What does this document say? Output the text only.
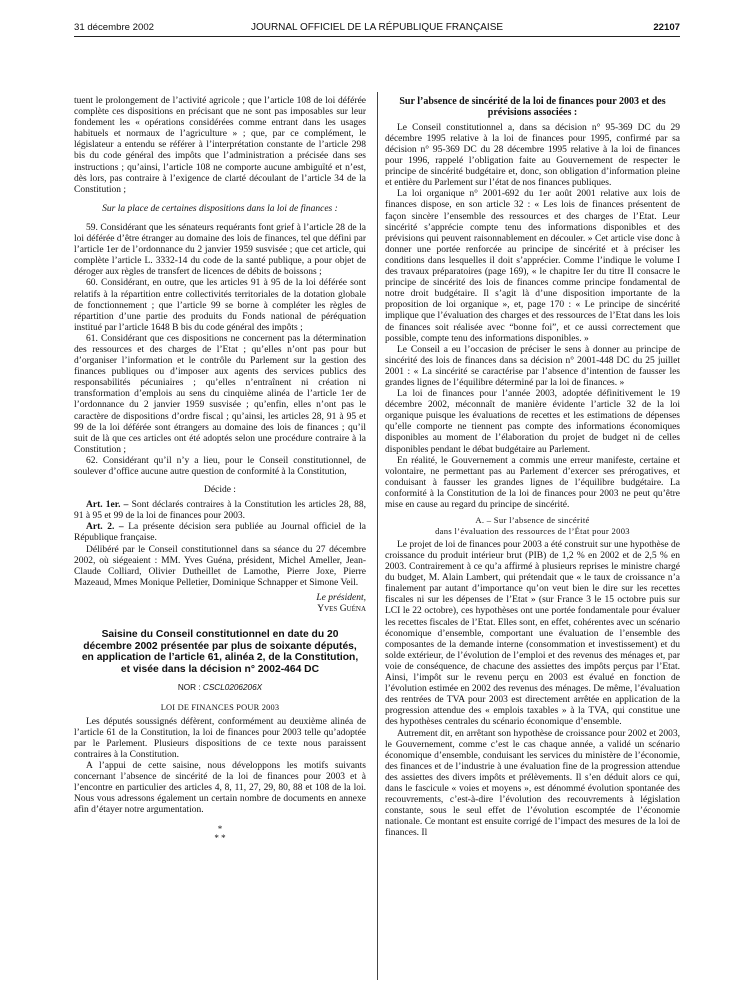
31 décembre 2002	JOURNAL OFFICIEL DE LA RÉPUBLIQUE FRANÇAISE	22107

tuent le prolongement de l’activité agricole ; que l’article 108 de loi déférée complète ces dispositions en précisant que ne sont pas imposables sur leur fondement les « opérations considérées comme entrant dans les usages habituels et normaux de l’agriculture » ; que, par ce complément, le législateur a entendu se référer à l’interprétation constante de l’article 298 bis du code général des impôts que l’administration a précisée dans ses instructions ; qu’ainsi, l’article 108 ne comporte aucune ambiguïté et n’est, dès lors, pas contraire à l’exigence de clarté découlant de l’article 34 de la Constitution ;

Sur la place de certaines dispositions dans la loi de finances :

59. Considérant que les sénateurs requérants font grief à l’article 28 de la loi déférée d’être étranger au domaine des lois de finances, tel que défini par l’article 1er de l’ordonnance du 2 janvier 1959 susvisée ; que cet article, qui complète l’article L. 3332-14 du code de la santé publique, a pour objet de déroger aux règles de transfert de licences de débits de boissons ;

60. Considérant, en outre, que les articles 91 à 95 de la loi déférée sont relatifs à la répartition entre collectivités territoriales de la dotation globale de fonctionnement ; que l’article 99 se borne à compléter les règles de répartition d’une partie des produits du Fonds national de péréquation institué par l’article 1648 B bis du code général des impôts ;

61. Considérant que ces dispositions ne concernent pas la détermination des ressources et des charges de l’Etat ; qu’elles n’ont pas pour but d’organiser l’information et le contrôle du Parlement sur la gestion des finances publiques ou d’imposer aux agents des services publics des responsabilités pécuniaires ; qu’elles n’entraînent ni création ni transformation d’emplois au sens du cinquième alinéa de l’article 1er de l’ordonnance du 2 janvier 1959 susvisée ; qu’enfin, elles n’ont pas le caractère de dispositions d’ordre fiscal ; qu’ainsi, les articles 28, 91 à 95 et 99 de la loi déférée sont étrangers au domaine des lois de finances ; qu’il suit de là que ces articles ont été adoptés selon une procédure contraire à la Constitution ;

62. Considérant qu’il n’y a lieu, pour le Conseil constitutionnel, de soulever d’office aucune autre question de conformité à la Constitution,

Décide :

Art. 1er. – Sont déclarés contraires à la Constitution les articles 28, 88, 91 à 95 et 99 de la loi de finances pour 2003.

Art. 2. – La présente décision sera publiée au Journal officiel de la République française.

Délibéré par le Conseil constitutionnel dans sa séance du 27 décembre 2002, où siégeaient : MM. Yves Guéna, président, Michel Ameller, Jean-Claude Colliard, Olivier Dutheillet de Lamothe, Pierre Joxe, Pierre Mazeaud, Mmes Monique Pelletier, Dominique Schnapper et Simone Veil.

Le président,

Yves Guéna

Saisine du Conseil constitutionnel en date du 20 décembre 2002 présentée par plus de soixante députés, en application de l’article 61, alinéa 2, de la Constitution, et visée dans la décision n° 2002-464 DC

NOR : CSCL0206206X

LOI DE FINANCES POUR 2003

Les députés soussignés défèrent, conformément au deuxième alinéa de l’article 61 de la Constitution, la loi de finances pour 2003 telle qu’adoptée par le Parlement. Plusieurs dispositions de ce texte nous paraissent contraires à la Constitution.

A l’appui de cette saisine, nous développons les motifs suivants concernant l’absence de sincérité de la loi de finances pour 2003 et à l’encontre en particulier des articles 4, 8, 11, 27, 29, 80, 88 et 108 de la loi. Nous vous adressons également un certain nombre de documents en annexe afin d’étayer notre argumentation.

*
* *

Sur l’absence de sincérité de la loi de finances pour 2003 et des prévisions associées :

Le Conseil constitutionnel a, dans sa décision n° 95-369 DC du 29 décembre 1995 relative à la loi de finances pour 1995, confirmé par sa décision n° 95-369 DC du 28 décembre 1995 relative à la loi de finances pour 1996, rappelé l’obligation faite au Gouvernement de respecter le principe de sincérité budgétaire et, donc, son obligation d’information pleine et entière du Parlement sur l’état de nos finances publiques.

La loi organique n° 2001-692 du 1er août 2001 relative aux lois de finances dispose, en son article 32 : « Les lois de finances présentent de façon sincère l’ensemble des ressources et des charges de l’Etat. Leur sincérité s’apprécie compte tenu des informations disponibles et des prévisions qui peuvent raisonnablement en découler. » Cet article vise donc à donner une portée renforcée au principe de sincérité et à préciser les conditions dans lesquelles il doit s’apprécier. Comme l’indique le volume I des travaux préparatoires (page 169), « le chapitre Ier du titre II consacre le principe de sincérité des lois de finances comme principe fondamental de notre droit budgétaire. Il s’agit là d’une disposition importante de la proposition de loi organique », et, page 170 : « Le principe de sincérité implique que l’évaluation des charges et des ressources de l’Etat dans les lois de finances soit réalisée avec “bonne foi”, et ce aussi correctement que possible, compte tenu des informations disponibles. »

Le Conseil a eu l’occasion de préciser le sens à donner au principe de sincérité des lois de finances dans sa décision n° 2001-448 DC du 25 juillet 2001 : « La sincérité se caractérise par l’absence d’intention de fausser les grandes lignes de l’équilibre déterminé par la loi de finances. »

La loi de finances pour l’année 2003, adoptée définitivement le 19 décembre 2002, méconnaît de manière évidente l’article 32 de la loi organique puisque les évaluations de recettes et les estimations de dépenses qu’elle comporte ne tiennent pas compte des informations économiques disponibles au moment de l’élaboration du projet de budget ni de celles disponibles pendant le débat budgétaire au Parlement.

En réalité, le Gouvernement a commis une erreur manifeste, certaine et volontaire, ne permettant pas au Parlement d’exercer ses prérogatives, et conduisant à fausser les grandes lignes de l’équilibre budgétaire. La conformité à la Constitution de la loi de finances pour 2003 ne peut qu’être mise en cause au regard du principe de sincérité.

A. – Sur l’absence de sincérité

dans l’évaluation des ressources de l’État pour 2003

Le projet de loi de finances pour 2003 a été construit sur une hypothèse de croissance du produit intérieur brut (PIB) de 1,2 % en 2002 et de 2,5 % en 2003. Contrairement à ce qu’a affirmé à plusieurs reprises le ministre chargé du budget, M. Alain Lambert, qui prétendait que « le taux de croissance n’a finalement par autant d’importance qu’on veut bien le dire sur les recettes fiscales ni sur les dépenses de l’Etat » (sur France 3 le 15 octobre puis sur LCI le 22 octobre), ces hypothèses ont une portée fondamentale pour évaluer les recettes fiscales de l’Etat. Elles sont, en effet, cohérentes avec un scénario économique d’ensemble, comportant une évaluation de l’ensemble des composantes de la demande interne (consommation et investissement) et du solde extérieur, de l’évolution de l’emploi et des revenus des ménages et, par voie de conséquence, de chacune des assiettes des impôts perçus par l’Etat. Ainsi, l’impôt sur le revenu perçu en 2003 est évalué en fonction de l’évolution estimée en 2002 des revenus des ménages. De même, l’évaluation des rentrées de TVA pour 2003 est directement arrêtée en application de la progression attendue des « emplois taxables » à la TVA, qui constitue une des hypothèses centrales du scénario économique d’ensemble.

Autrement dit, en arrêtant son hypothèse de croissance pour 2002 et 2003, le Gouvernement, comme c’est le cas chaque année, a validé un scénario économique d’ensemble, conduisant les services du ministère de l’économie, des finances et de l’industrie à une évaluation fine de la progression attendue des assiettes des divers impôts et prélèvements. Il s’en déduit alors ce qui, dans le fascicule « voies et moyens », est dénommé évolution spontanée des recouvrements, c’est-à-dire l’évolution des recouvrements à législation constante, sous le seul effet de l’évolution escomptée de l’économie nationale. Ce montant est ensuite corrigé de l’impact des mesures de la loi de finances. Il
